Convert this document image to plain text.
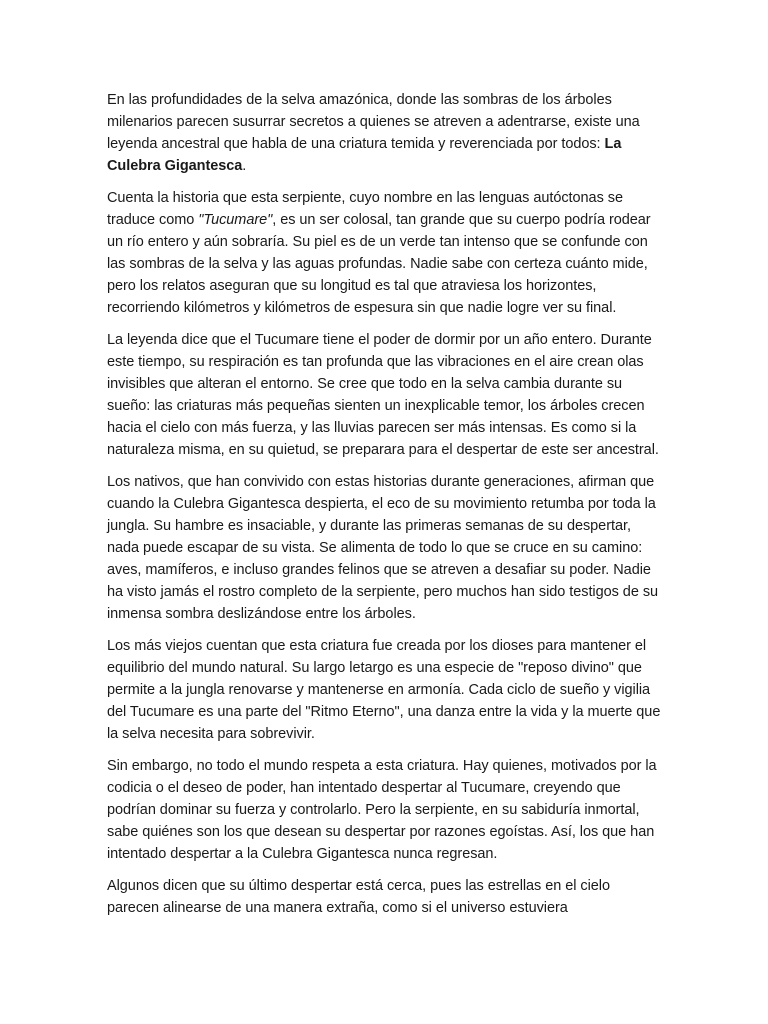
En las profundidades de la selva amazónica, donde las sombras de los árboles milenarios parecen susurrar secretos a quienes se atreven a adentrarse, existe una leyenda ancestral que habla de una criatura temida y reverenciada por todos: La Culebra Gigantesca.

Cuenta la historia que esta serpiente, cuyo nombre en las lenguas autóctonas se traduce como "Tucumare", es un ser colosal, tan grande que su cuerpo podría rodear un río entero y aún sobraría. Su piel es de un verde tan intenso que se confunde con las sombras de la selva y las aguas profundas. Nadie sabe con certeza cuánto mide, pero los relatos aseguran que su longitud es tal que atraviesa los horizontes, recorriendo kilómetros y kilómetros de espesura sin que nadie logre ver su final.

La leyenda dice que el Tucumare tiene el poder de dormir por un año entero. Durante este tiempo, su respiración es tan profunda que las vibraciones en el aire crean olas invisibles que alteran el entorno. Se cree que todo en la selva cambia durante su sueño: las criaturas más pequeñas sienten un inexplicable temor, los árboles crecen hacia el cielo con más fuerza, y las lluvias parecen ser más intensas. Es como si la naturaleza misma, en su quietud, se preparara para el despertar de este ser ancestral.

Los nativos, que han convivido con estas historias durante generaciones, afirman que cuando la Culebra Gigantesca despierta, el eco de su movimiento retumba por toda la jungla. Su hambre es insaciable, y durante las primeras semanas de su despertar, nada puede escapar de su vista. Se alimenta de todo lo que se cruce en su camino: aves, mamíferos, e incluso grandes felinos que se atreven a desafiar su poder. Nadie ha visto jamás el rostro completo de la serpiente, pero muchos han sido testigos de su inmensa sombra deslizándose entre los árboles.

Los más viejos cuentan que esta criatura fue creada por los dioses para mantener el equilibrio del mundo natural. Su largo letargo es una especie de "reposo divino" que permite a la jungla renovarse y mantenerse en armonía. Cada ciclo de sueño y vigilia del Tucumare es una parte del "Ritmo Eterno", una danza entre la vida y la muerte que la selva necesita para sobrevivir.

Sin embargo, no todo el mundo respeta a esta criatura. Hay quienes, motivados por la codicia o el deseo de poder, han intentado despertar al Tucumare, creyendo que podrían dominar su fuerza y controlarlo. Pero la serpiente, en su sabiduría inmortal, sabe quiénes son los que desean su despertar por razones egoístas. Así, los que han intentado despertar a la Culebra Gigantesca nunca regresan.

Algunos dicen que su último despertar está cerca, pues las estrellas en el cielo parecen alinearse de una manera extraña, como si el universo estuviera
